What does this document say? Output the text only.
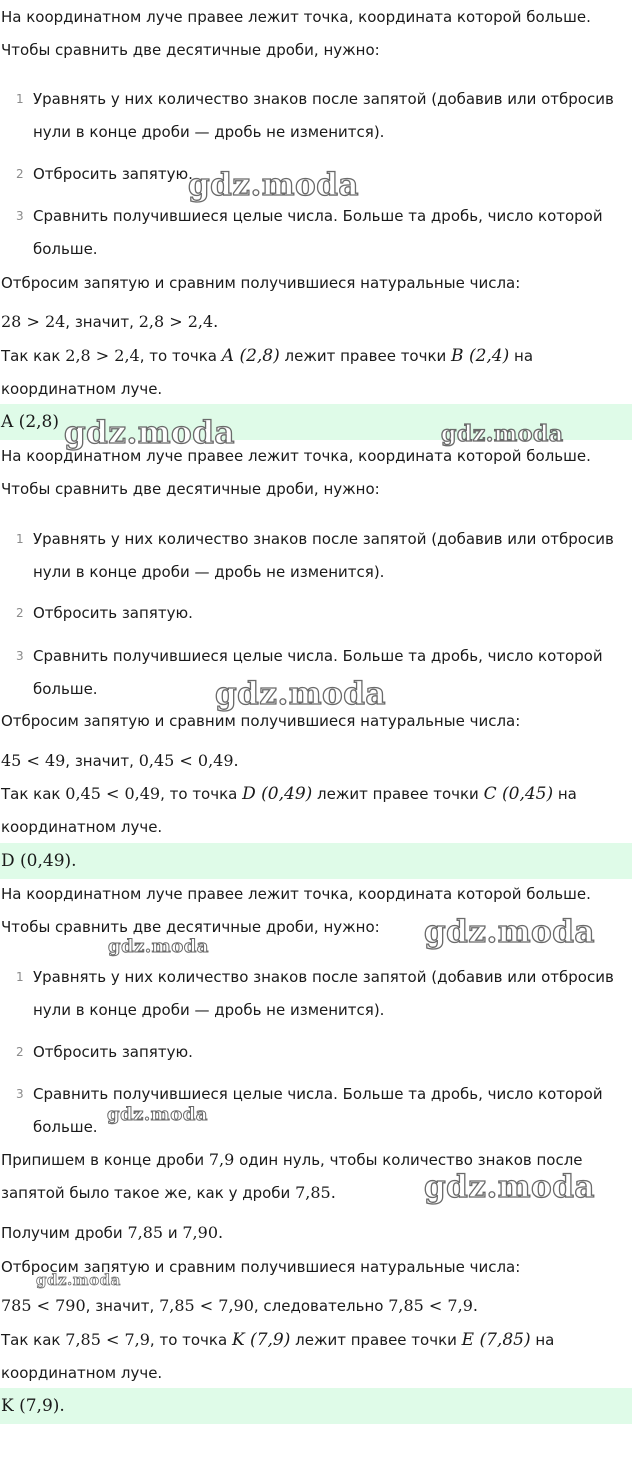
На координатном луче правее лежит точка, координата которой больше.
Чтобы сравнить две десятичные дроби, нужно:
1 Уравнять у них количество знаков после запятой (добавив или отбросив
нули в конце дроби — дробь не изменится).
2 Отбросить запятую.
3 Сравнить получившиеся целые числа. Больше та дробь, число которой
больше.
Отбросим запятую и сравним получившиеся натуральные числа:
28 > 24, значит, 2,8 > 2,4.
Так как 2,8 > 2,4, то точка A (2,8) лежит правее точки B (2,4) на
координатном луче.
A (2,8)
На координатном луче правее лежит точка, координата которой больше.
Чтобы сравнить две десятичные дроби, нужно:
1 Уравнять у них количество знаков после запятой (добавив или отбросив
нули в конце дроби — дробь не изменится).
2 Отбросить запятую.
3 Сравнить получившиеся целые числа. Больше та дробь, число которой
больше.
Отбросим запятую и сравним получившиеся натуральные числа:
45 < 49, значит, 0,45 < 0,49.
Так как 0,45 < 0,49, то точка D (0,49) лежит правее точки C (0,45) на
координатном луче.
D (0,49).
На координатном луче правее лежит точка, координата которой больше.
Чтобы сравнить две десятичные дроби, нужно:
1 Уравнять у них количество знаков после запятой (добавив или отбросив
нули в конце дроби — дробь не изменится).
2 Отбросить запятую.
3 Сравнить получившиеся целые числа. Больше та дробь, число которой
больше.
Припишем в конце дроби 7,9 один нуль, чтобы количество знаков после
запятой было такое же, как у дроби 7,85.
Получим дроби 7,85 и 7,90.
Отбросим запятую и сравним получившиеся натуральные числа:
785 < 790, значит, 7,85 < 7,90, следовательно 7,85 < 7,9.
Так как 7,85 < 7,9, то точка K (7,9) лежит правее точки E (7,85) на
координатном луче.
K (7,9).
gdz.moda
gdz.moda	gdz.moda
gdz.moda
gdz.moda
gdz.moda
gdz.moda
gdz.moda
gdz.moda
